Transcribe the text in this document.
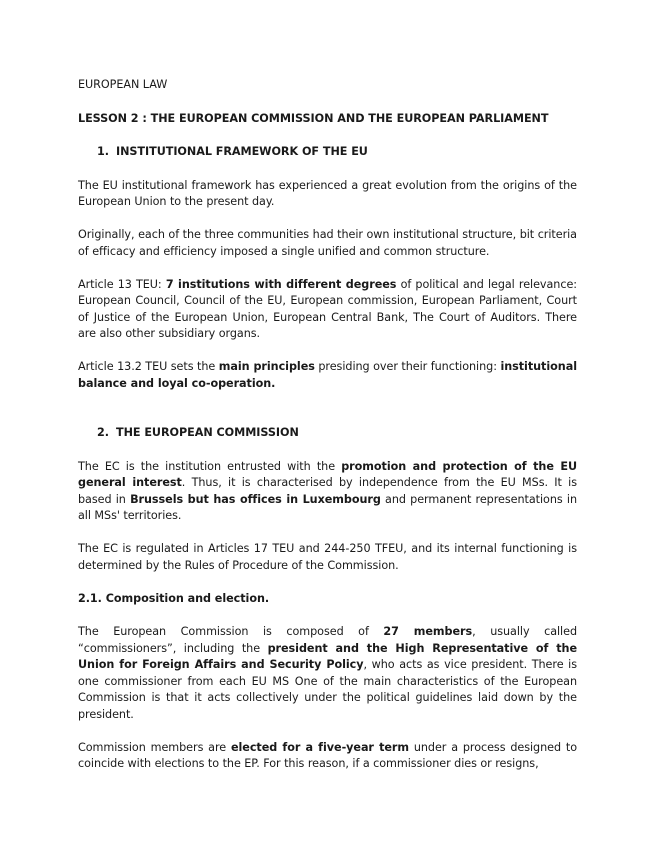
EUROPEAN LAW

LESSON 2 : THE EUROPEAN COMMISSION AND THE EUROPEAN PARLIAMENT

1. INSTITUTIONAL FRAMEWORK OF THE EU

The EU institutional framework has experienced a great evolution from the origins of the European Union to the present day.

Originally, each of the three communities had their own institutional structure, bit criteria of efficacy and efficiency imposed a single unified and common structure.

Article 13 TEU: 7 institutions with different degrees of political and legal relevance: European Council, Council of the EU, European commission, European Parliament, Court of Justice of the European Union, European Central Bank, The Court of Auditors. There are also other subsidiary organs.

Article 13.2 TEU sets the main principles presiding over their functioning: institutional balance and loyal co-operation.

2. THE EUROPEAN COMMISSION

The EC is the institution entrusted with the promotion and protection of the EU general interest. Thus, it is characterised by independence from the EU MSs. It is based in Brussels but has offices in Luxembourg and permanent representations in all MSs' territories.

The EC is regulated in Articles 17 TEU and 244-250 TFEU, and its internal functioning is determined by the Rules of Procedure of the Commission.

2.1. Composition and election.

The European Commission is composed of 27 members, usually called “commissioners”, including the president and the High Representative of the Union for Foreign Affairs and Security Policy, who acts as vice president. There is one commissioner from each EU MS One of the main characteristics of the European Commission is that it acts collectively under the political guidelines laid down by the president.

Commission members are elected for a five-year term under a process designed to coincide with elections to the EP. For this reason, if a commissioner dies or resigns,
